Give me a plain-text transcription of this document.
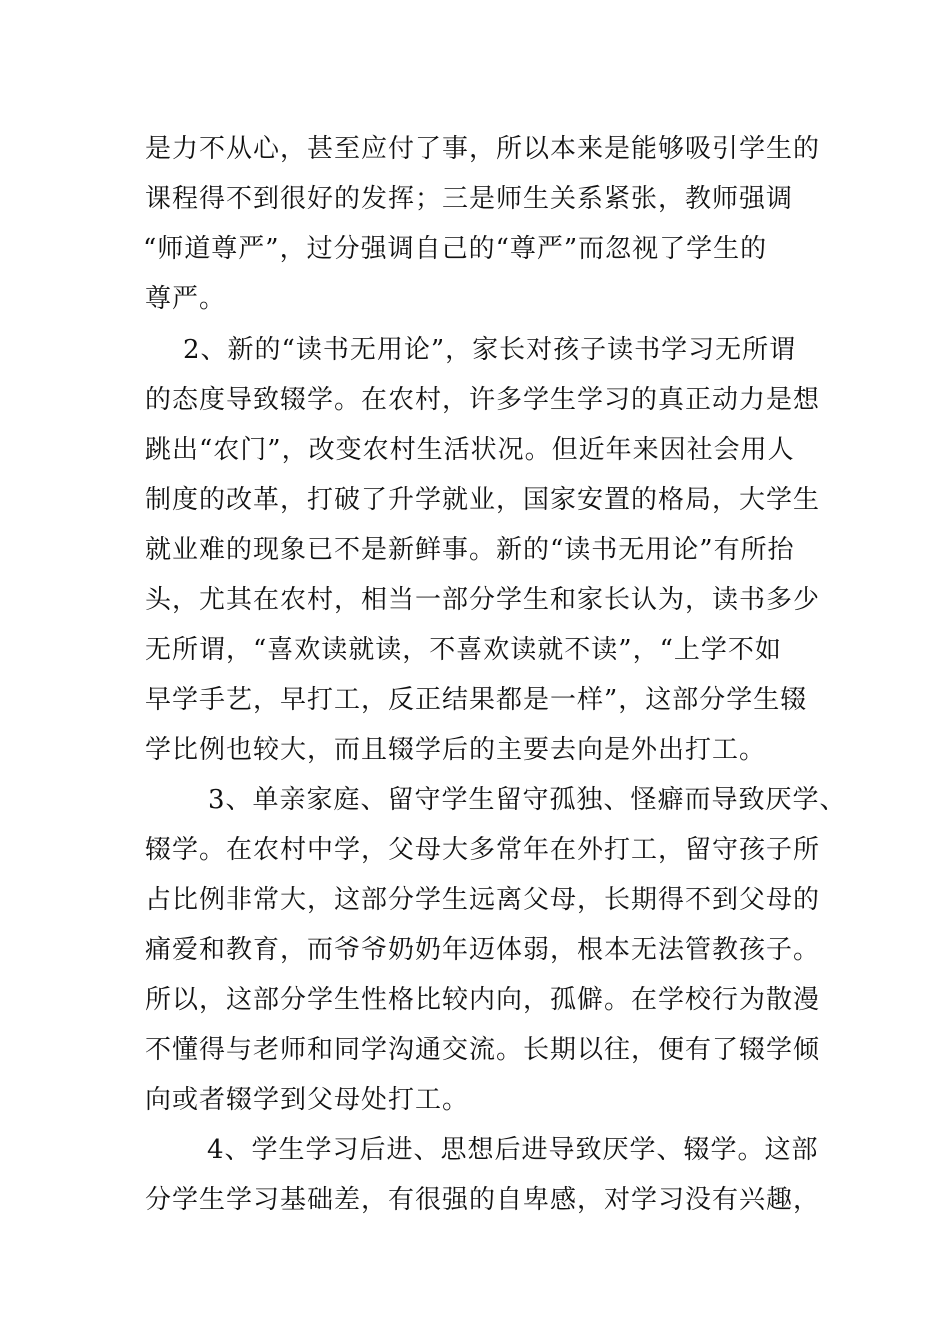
是力不从心，甚至应付了事，所以本来是能够吸引学生的
课程得不到很好的发挥；三是师生关系紧张，教师强调
“师道尊严”，过分强调自己的“尊严”而忽视了学生的
尊严。
2、新的“读书无用论”，家长对孩子读书学习无所谓
的态度导致辍学。在农村，许多学生学习的真正动力是想
跳出“农门”，改变农村生活状况。但近年来因社会用人
制度的改革，打破了升学就业，国家安置的格局，大学生
就业难的现象已不是新鲜事。新的“读书无用论”有所抬
头，尤其在农村，相当一部分学生和家长认为，读书多少
无所谓，“喜欢读就读，不喜欢读就不读”，“上学不如
早学手艺，早打工，反正结果都是一样”，这部分学生辍
学比例也较大，而且辍学后的主要去向是外出打工。
3、单亲家庭、留守学生留守孤独、怪癖而导致厌学、
辍学。在农村中学，父母大多常年在外打工，留守孩子所
占比例非常大，这部分学生远离父母，长期得不到父母的
痛爱和教育，而爷爷奶奶年迈体弱，根本无法管教孩子。
所以，这部分学生性格比较内向，孤僻。在学校行为散漫
不懂得与老师和同学沟通交流。长期以往，便有了辍学倾
向或者辍学到父母处打工。
4、学生学习后进、思想后进导致厌学、辍学。这部
分学生学习基础差，有很强的自卑感，对学习没有兴趣，
